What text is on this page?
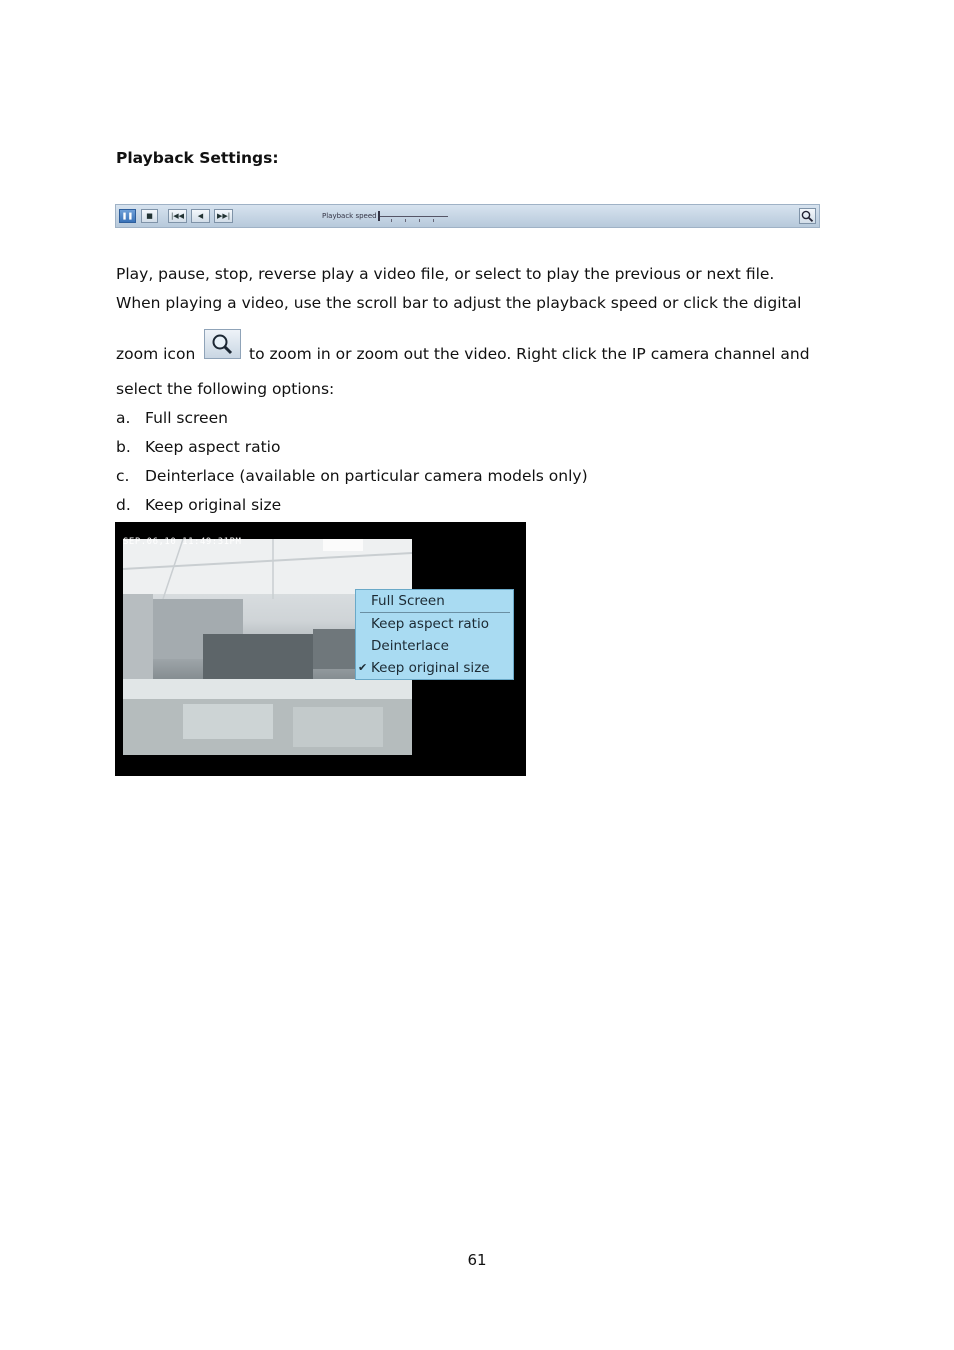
Playback Settings:
❚❚	■	|◀◀	◀	▶▶|	Playback speed
Play, pause, stop, reverse play a video file, or select to play the previous or next file.
When playing a video, use the scroll bar to adjust the playback speed or click the digital
zoom icon	to zoom in or zoom out the video. Right click the IP camera channel and
select the following options:
a. Full screen
b. Keep aspect ratio
c. Deinterlace (available on particular camera models only)
d. Keep original size
SEP.06,10 11:49:31PM
Full Screen
Keep aspect ratio
Deinterlace
✔ Keep original size
61
